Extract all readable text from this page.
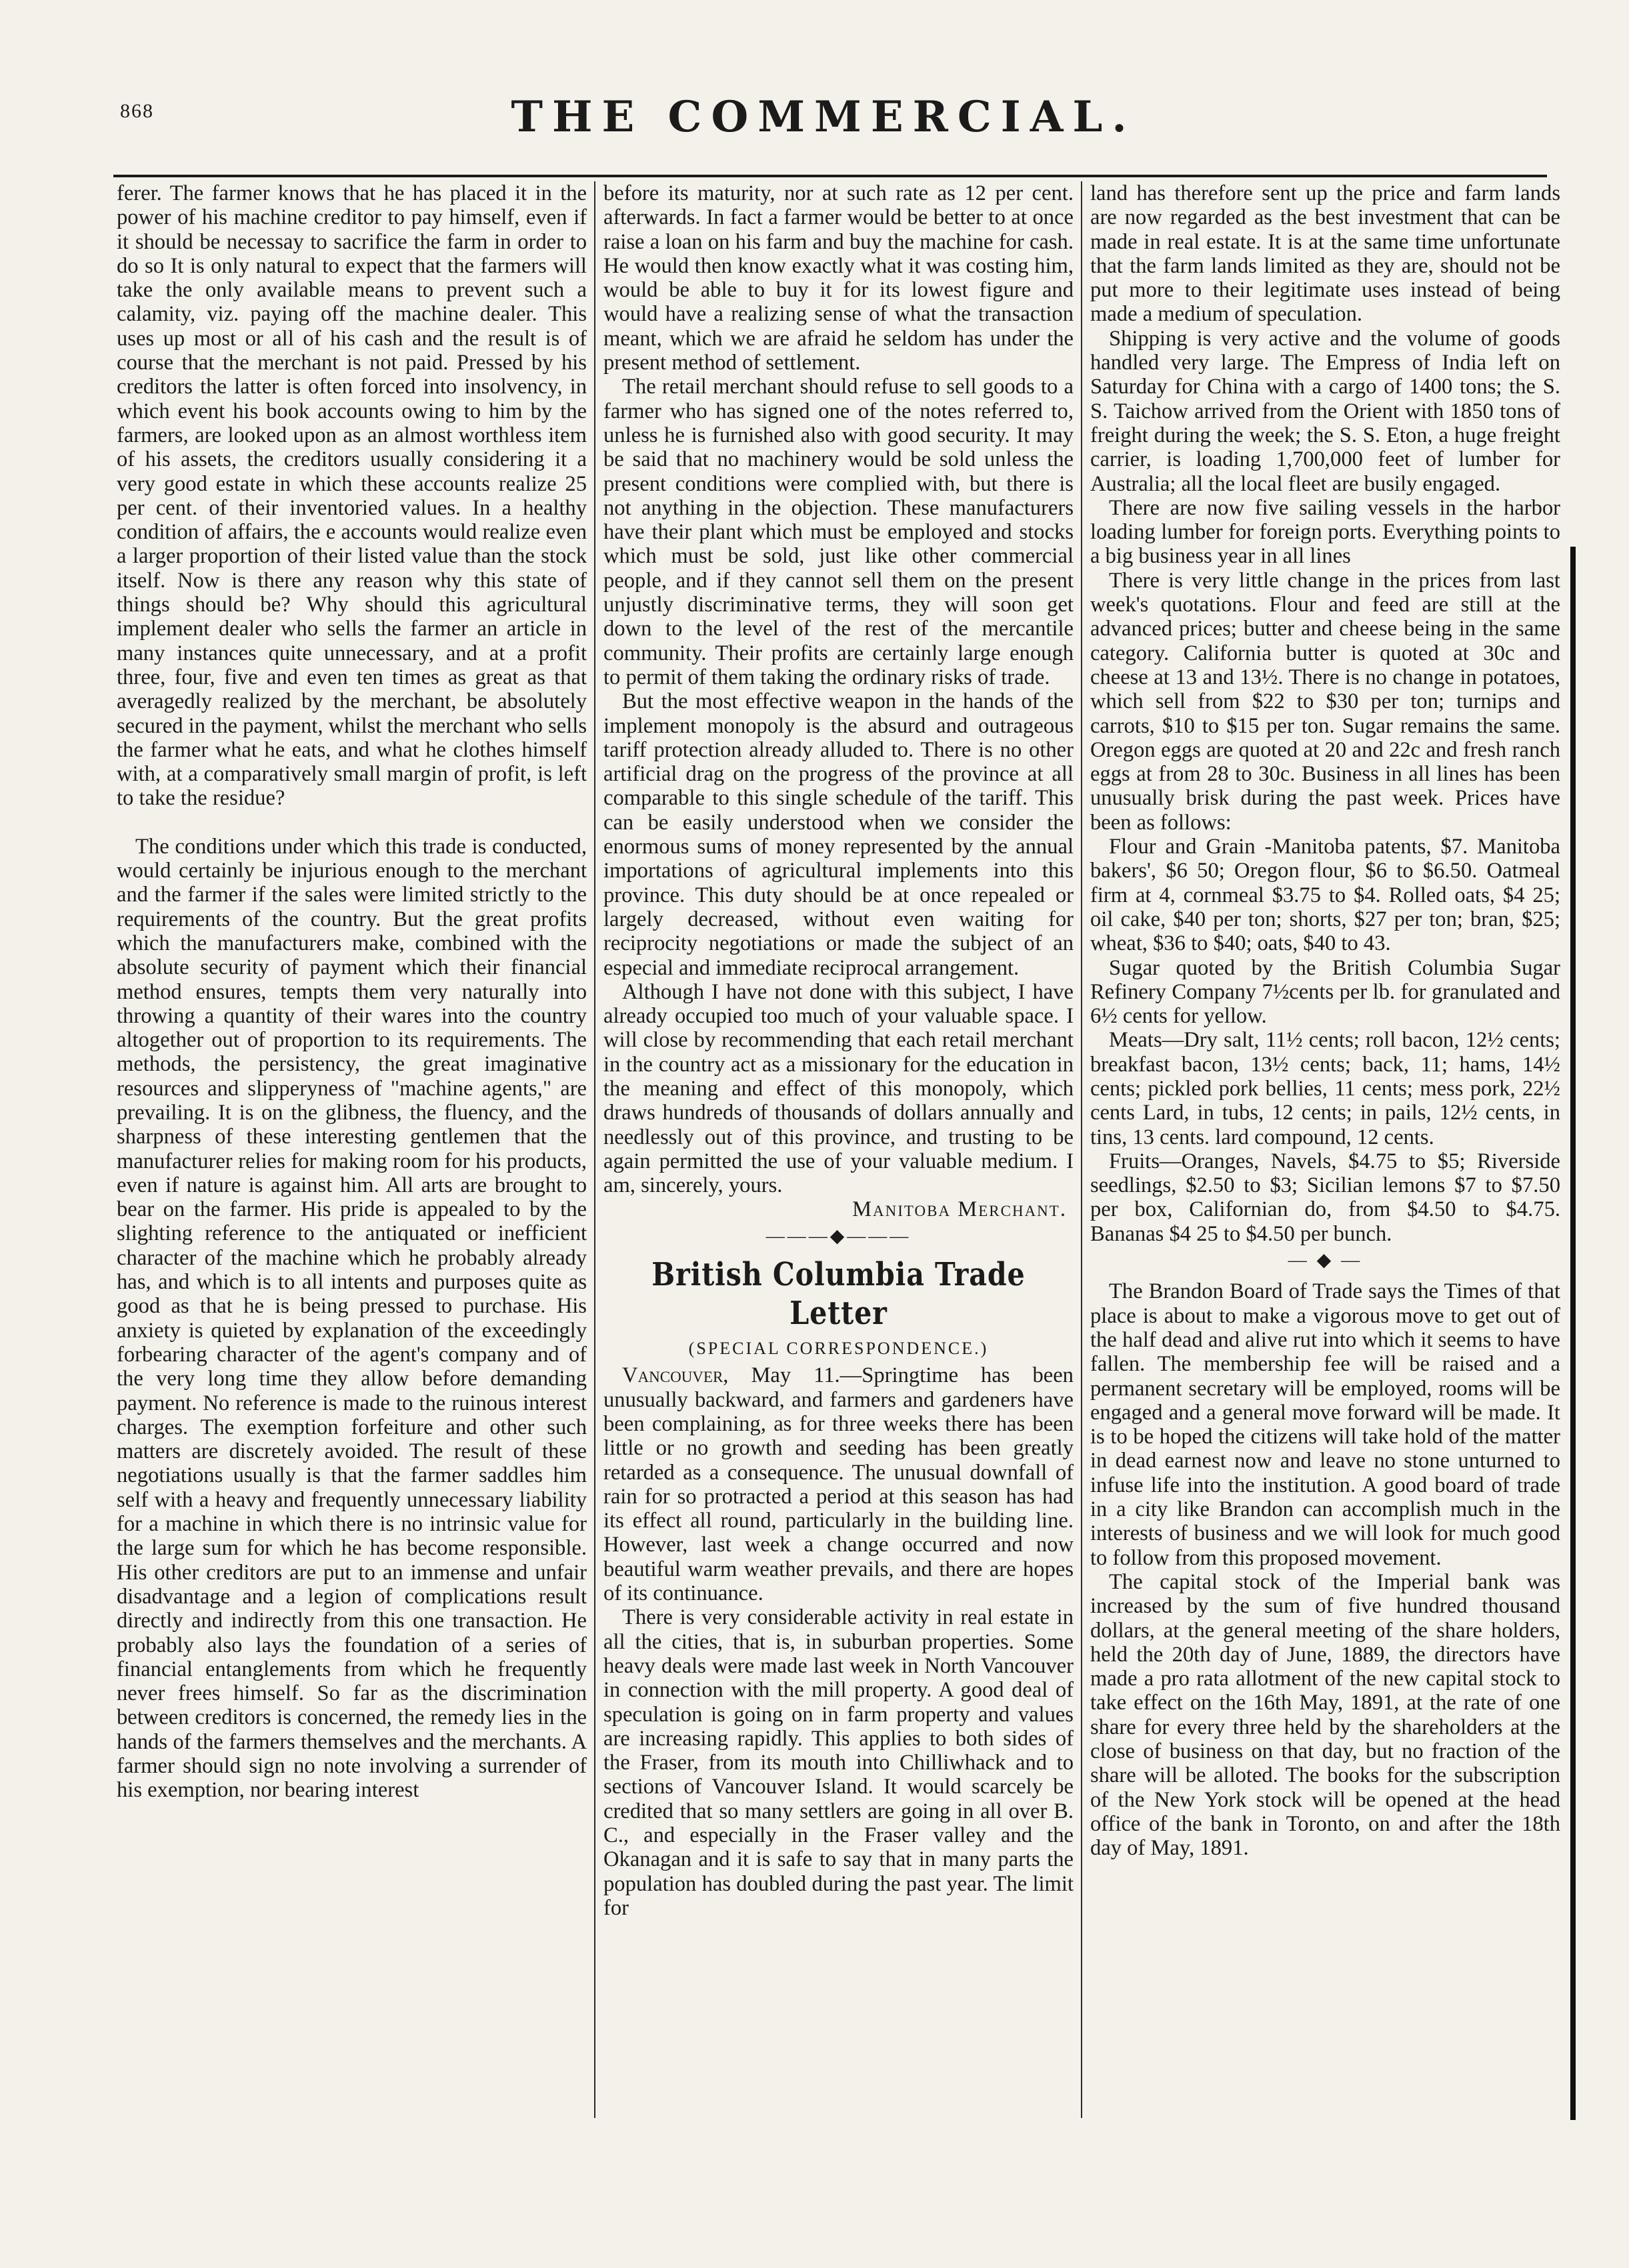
868	THE COMMERCIAL.

ferer. The farmer knows that he has placed it in the power of his machine creditor to pay himself, even if it should be necessay to sacrifice the farm in order to do so It is only natural to expect that the farmers will take the only available means to prevent such a calamity, viz. paying off the machine dealer. This uses up most or all of his cash and the result is of course that the merchant is not paid. Pressed by his creditors the latter is often forced into insolvency, in which event his book accounts owing to him by the farmers, are looked upon as an almost worthless item of his assets, the creditors usually considering it a very good estate in which these accounts realize 25 per cent. of their inventoried values. In a healthy condition of affairs, the e accounts would realize even a larger proportion of their listed value than the stock itself. Now is there any reason why this state of things should be? Why should this agricultural implement dealer who sells the farmer an article in many instances quite unnecessary, and at a profit three, four, five and even ten times as great as that averagedly realized by the merchant, be absolutely secured in the payment, whilst the merchant who sells the farmer what he eats, and what he clothes himself with, at a comparatively small margin of profit, is left to take the residue?

The conditions under which this trade is conducted, would certainly be injurious enough to the merchant and the farmer if the sales were limited strictly to the requirements of the country. But the great profits which the manufacturers make, combined with the absolute security of payment which their financial method ensures, tempts them very naturally into throwing a quantity of their wares into the country altogether out of proportion to its requirements. The methods, the persistency, the great imaginative resources and slipperyness of "machine agents," are prevailing. It is on the glibness, the fluency, and the sharpness of these interesting gentlemen that the manufacturer relies for making room for his products, even if nature is against him. All arts are brought to bear on the farmer. His pride is appealed to by the slighting reference to the antiquated or inefficient character of the machine which he probably already has, and which is to all intents and purposes quite as good as that he is being pressed to purchase. His anxiety is quieted by explanation of the exceedingly forbearing character of the agent's company and of the very long time they allow before demanding payment. No reference is made to the ruinous interest charges. The exemption forfeiture and other such matters are discretely avoided. The result of these negotiations usually is that the farmer saddles him self with a heavy and frequently unnecessary liability for a machine in which there is no intrinsic value for the large sum for which he has become responsible. His other creditors are put to an immense and unfair disadvantage and a legion of complications result directly and indirectly from this one transaction. He probably also lays the foundation of a series of financial entanglements from which he frequently never frees himself. So far as the discrimination between creditors is concerned, the remedy lies in the hands of the farmers themselves and the merchants. A farmer should sign no note involving a surrender of his exemption, nor bearing interest

before its maturity, nor at such rate as 12 per cent. afterwards. In fact a farmer would be better to at once raise a loan on his farm and buy the machine for cash. He would then know exactly what it was costing him, would be able to buy it for its lowest figure and would have a realizing sense of what the transaction meant, which we are afraid he seldom has under the present method of settlement.

The retail merchant should refuse to sell goods to a farmer who has signed one of the notes referred to, unless he is furnished also with good security. It may be said that no machinery would be sold unless the present conditions were complied with, but there is not anything in the objection. These manufacturers have their plant which must be employed and stocks which must be sold, just like other commercial people, and if they cannot sell them on the present unjustly discriminative terms, they will soon get down to the level of the rest of the mercantile community. Their profits are certainly large enough to permit of them taking the ordinary risks of trade.

But the most effective weapon in the hands of the implement monopoly is the absurd and outrageous tariff protection already alluded to. There is no other artificial drag on the progress of the province at all comparable to this single schedule of the tariff. This can be easily understood when we consider the enormous sums of money represented by the annual importations of agricultural implements into this province. This duty should be at once repealed or largely decreased, without even waiting for reciprocity negotiations or made the subject of an especial and immediate reciprocal arrangement.

Although I have not done with this subject, I have already occupied too much of your valuable space. I will close by recommending that each retail merchant in the country act as a missionary for the education in the meaning and effect of this monopoly, which draws hundreds of thousands of dollars annually and needlessly out of this province, and trusting to be again permitted the use of your valuable medium. I am, sincerely, yours.

Manitoba Merchant.
———◆———
British Columbia Trade Letter
(SPECIAL CORRESPONDENCE.)

Vancouver, May 11.—Springtime has been unusually backward, and farmers and gardeners have been complaining, as for three weeks there has been little or no growth and seeding has been greatly retarded as a consequence. The unusual downfall of rain for so protracted a period at this season has had its effect all round, particularly in the building line. However, last week a change occurred and now beautiful warm weather prevails, and there are hopes of its continuance.

There is very considerable activity in real estate in all the cities, that is, in suburban properties. Some heavy deals were made last week in North Vancouver in connection with the mill property. A good deal of speculation is going on in farm property and values are increasing rapidly. This applies to both sides of the Fraser, from its mouth into Chilliwhack and to sections of Vancouver Island. It would scarcely be credited that so many settlers are going in all over B. C., and especially in the Fraser valley and the Okanagan and it is safe to say that in many parts the population has doubled during the past year. The limit for

land has therefore sent up the price and farm lands are now regarded as the best investment that can be made in real estate. It is at the same time unfortunate that the farm lands limited as they are, should not be put more to their legitimate uses instead of being made a medium of speculation.

Shipping is very active and the volume of goods handled very large. The Empress of India left on Saturday for China with a cargo of 1400 tons; the S. S. Taichow arrived from the Orient with 1850 tons of freight during the week; the S. S. Eton, a huge freight carrier, is loading 1,700,000 feet of lumber for Australia; all the local fleet are busily engaged.

There are now five sailing vessels in the harbor loading lumber for foreign ports. Everything points to a big business year in all lines

There is very little change in the prices from last week's quotations. Flour and feed are still at the advanced prices; butter and cheese being in the same category. California butter is quoted at 30c and cheese at 13 and 13½. There is no change in potatoes, which sell from $22 to $30 per ton; turnips and carrots, $10 to $15 per ton. Sugar remains the same. Oregon eggs are quoted at 20 and 22c and fresh ranch eggs at from 28 to 30c. Business in all lines has been unusually brisk during the past week. Prices have been as follows:

Flour and Grain -Manitoba patents, $7. Manitoba bakers', $6 50; Oregon flour, $6 to $6.50. Oatmeal firm at 4, cornmeal $3.75 to $4. Rolled oats, $4 25; oil cake, $40 per ton; shorts, $27 per ton; bran, $25; wheat, $36 to $40; oats, $40 to 43.

Sugar quoted by the British Columbia Sugar Refinery Company 7½cents per lb. for granulated and 6½ cents for yellow.

Meats—Dry salt, 11½ cents; roll bacon, 12½ cents; breakfast bacon, 13½ cents; back, 11; hams, 14½ cents; pickled pork bellies, 11 cents; mess pork, 22½ cents Lard, in tubs, 12 cents; in pails, 12½ cents, in tins, 13 cents. lard compound, 12 cents.

Fruits—Oranges, Navels, $4.75 to $5; Riverside seedlings, $2.50 to $3; Sicilian lemons $7 to $7.50 per box, Californian do, from $4.50 to $4.75. Bananas $4 25 to $4.50 per bunch.

— ◆ —

The Brandon Board of Trade says the Times of that place is about to make a vigorous move to get out of the half dead and alive rut into which it seems to have fallen. The membership fee will be raised and a permanent secretary will be employed, rooms will be engaged and a general move forward will be made. It is to be hoped the citizens will take hold of the matter in dead earnest now and leave no stone unturned to infuse life into the institution. A good board of trade in a city like Brandon can accomplish much in the interests of business and we will look for much good to follow from this proposed movement.

The capital stock of the Imperial bank was increased by the sum of five hundred thousand dollars, at the general meeting of the share holders, held the 20th day of June, 1889, the directors have made a pro rata allotment of the new capital stock to take effect on the 16th May, 1891, at the rate of one share for every three held by the shareholders at the close of business on that day, but no fraction of the share will be alloted. The books for the subscription of the New York stock will be opened at the head office of the bank in Toronto, on and after the 18th day of May, 1891.
